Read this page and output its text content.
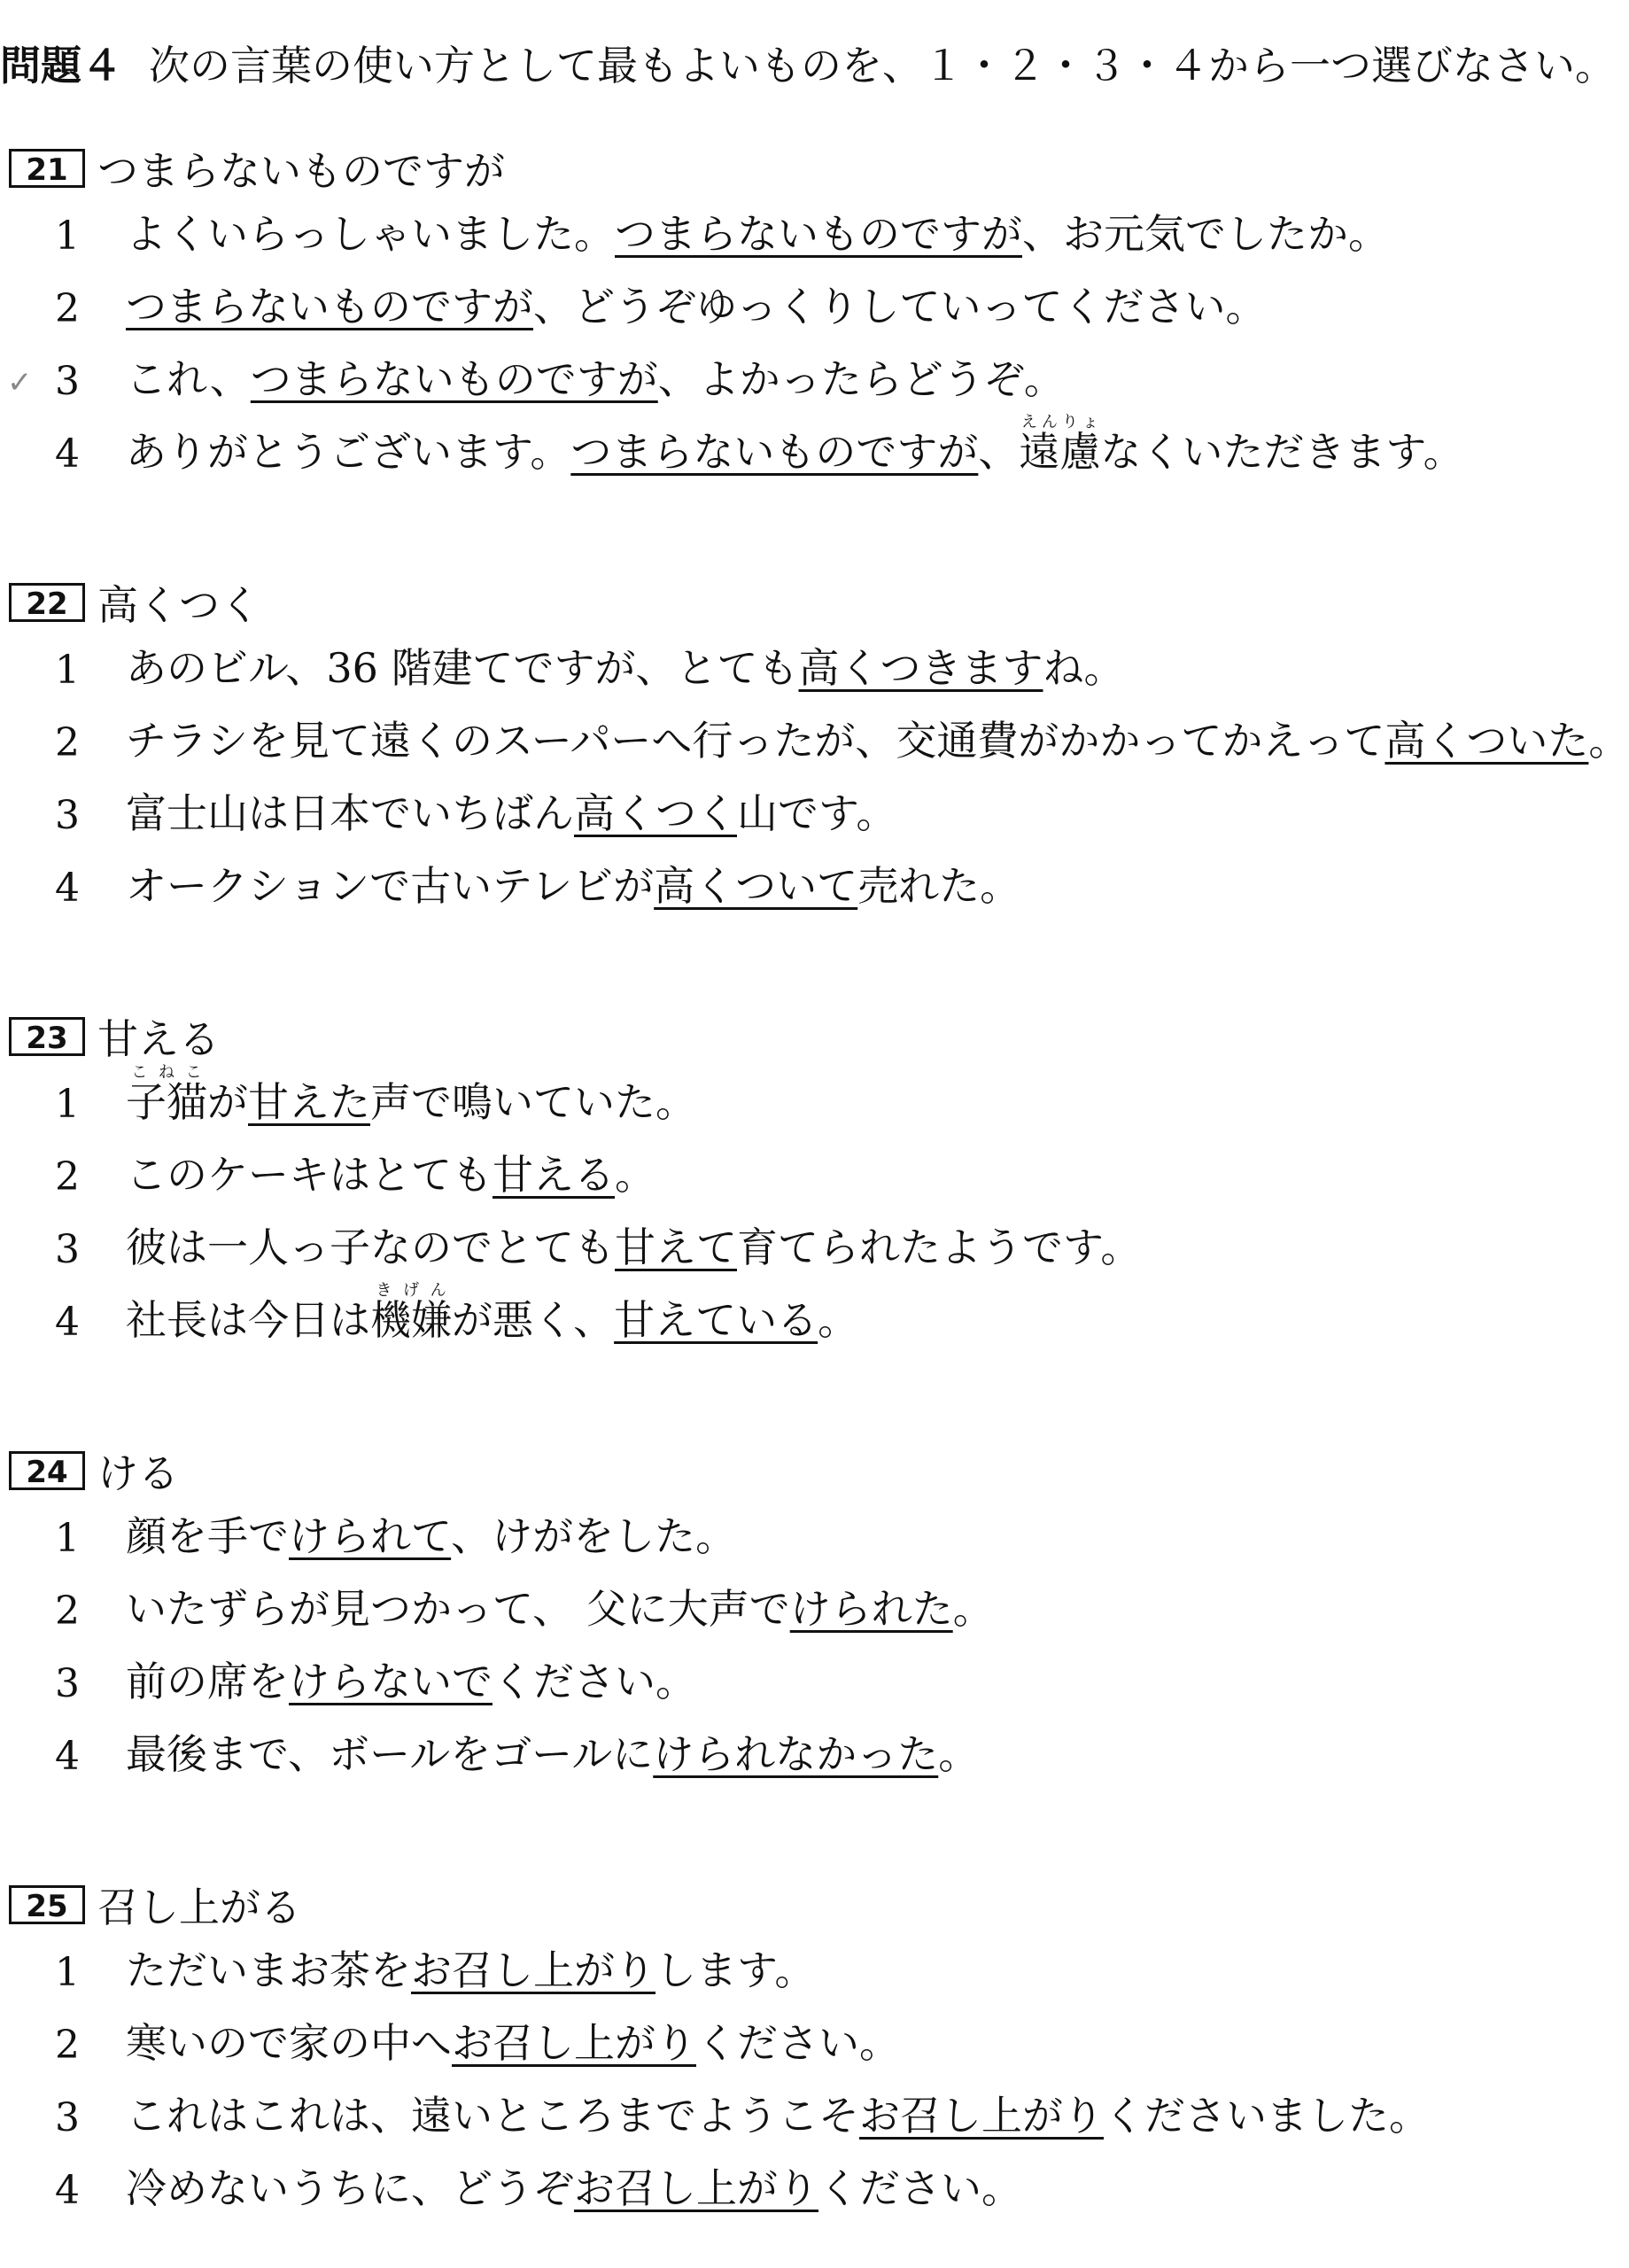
問題４ 次の言葉の使い方として最もよいものを、１・２・３・４から一つ選びなさい。
21 つまらないものですが
1 よくいらっしゃいました。つまらないものですが、お元気でしたか。
2 つまらないものですが、どうぞゆっくりしていってください。
✓ 3 これ、つまらないものですが、よかったらどうぞ。
4 ありがとうございます。つまらないものですが、遠慮えんりょなくいただきます。
22 高くつく
1 あのビル、36 階建てですが、とても高くつきますね。
2 チラシを見て遠くのスーパーへ行ったが、交通費がかかってかえって高くついた。
3 富士山は日本でいちばん高くつく山です。
4 オークションで古いテレビが高くついて売れた。
23 甘える
1 子猫こねこが甘えた声で鳴いていた。
2 このケーキはとても甘える。
3 彼は一人っ子なのでとても甘えて育てられたようです。
4 社長は今日は機嫌きげんが悪く、甘えている。
24 ける
1 顔を手でけられて、けがをした。
2 いたずらが見つかって、 父に大声でけられた。
3 前の席をけらないでください。
4 最後まで、ボールをゴールにけられなかった。
25 召し上がる
1 ただいまお茶をお召し上がりします。
2 寒いので家の中へお召し上がりください。
3 これはこれは、遠いところまでようこそお召し上がりくださいました。
4 冷めないうちに、どうぞお召し上がりください。
